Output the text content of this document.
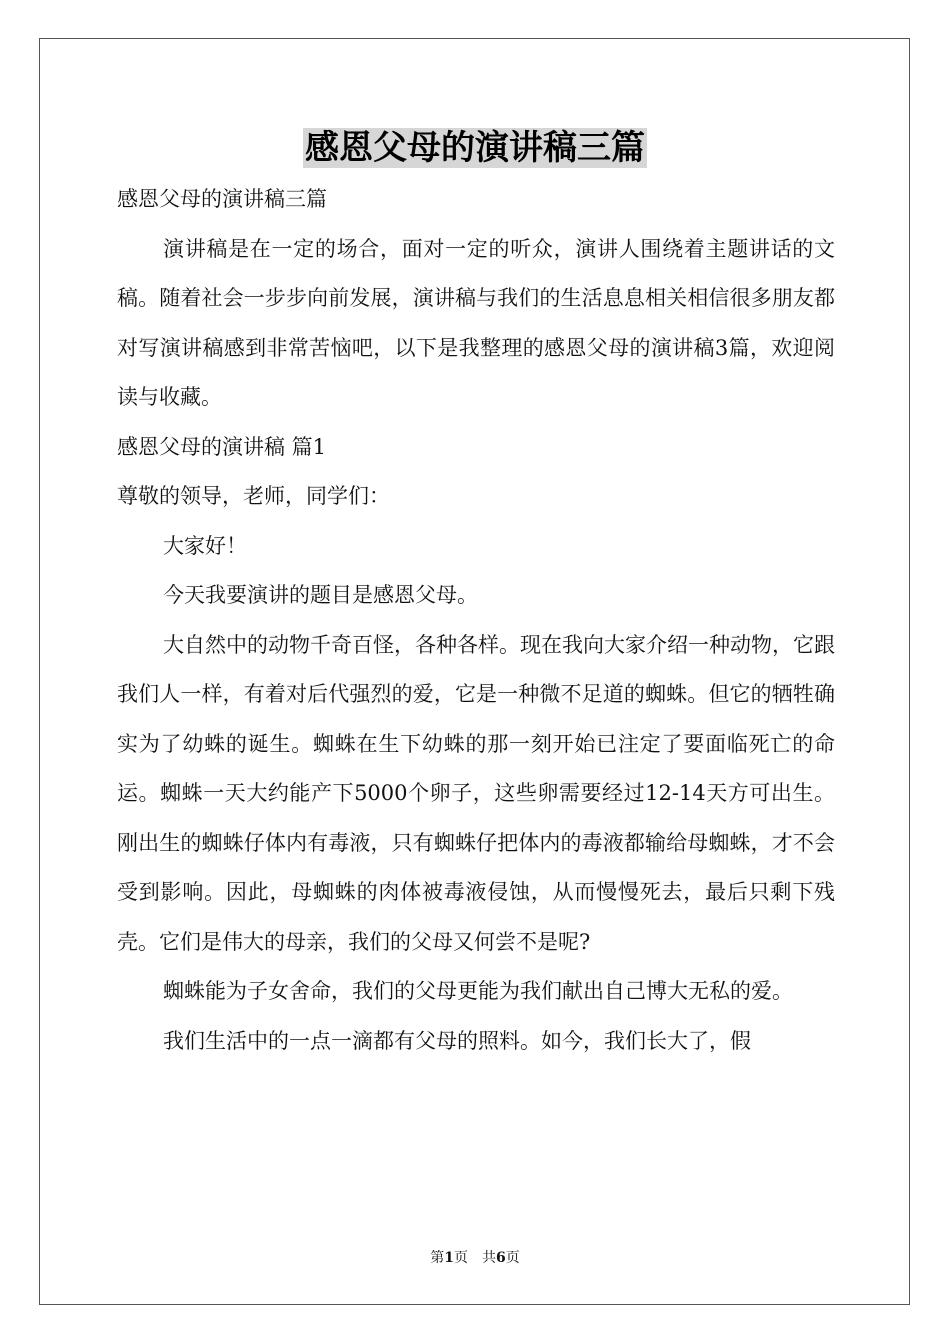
感恩父母的演讲稿三篇

感恩父母的演讲稿三篇

演讲稿是在一定的场合，面对一定的听众，演讲人围绕着主题讲话的文稿。随着社会一步步向前发展，演讲稿与我们的生活息息相关相信很多朋友都对写演讲稿感到非常苦恼吧，以下是我整理的感恩父母的演讲稿3篇，欢迎阅读与收藏。

感恩父母的演讲稿 篇1

尊敬的领导，老师，同学们：

大家好！

今天我要演讲的题目是感恩父母。

大自然中的动物千奇百怪，各种各样。现在我向大家介绍一种动物，它跟我们人一样，有着对后代强烈的爱，它是一种微不足道的蜘蛛。但它的牺牲确实为了幼蛛的诞生。蜘蛛在生下幼蛛的那一刻开始已注定了要面临死亡的命运。蜘蛛一天大约能产下5000个卵子，这些卵需要经过12-14天方可出生。刚出生的蜘蛛仔体内有毒液，只有蜘蛛仔把体内的毒液都输给母蜘蛛，才不会受到影响。因此，母蜘蛛的肉体被毒液侵蚀，从而慢慢死去，最后只剩下残壳。它们是伟大的母亲，我们的父母又何尝不是呢?

蜘蛛能为子女舍命，我们的父母更能为我们献出自己博大无私的爱。

我们生活中的一点一滴都有父母的照料。如今，我们长大了，假

第1页 共6页
